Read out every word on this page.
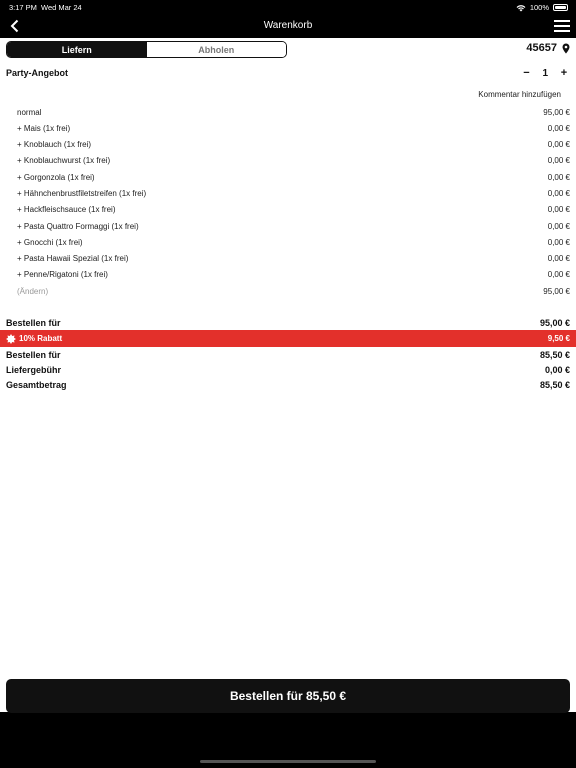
3:17 PM Wed Mar 24	100%
Warenkorb
Liefern	Abholen	45657
Party-Angebot	− 1 +
Kommentar hinzufügen
normal	95,00 €
+ Mais (1x frei)	0,00 €
+ Knoblauch (1x frei)	0,00 €
+ Knoblauchwurst (1x frei)	0,00 €
+ Gorgonzola (1x frei)	0,00 €
+ Hähnchenbrustfiletstreifen (1x frei)	0,00 €
+ Hackfleischsauce (1x frei)	0,00 €
+ Pasta Quattro Formaggi (1x frei)	0,00 €
+ Gnocchi (1x frei)	0,00 €
+ Pasta Hawaii Spezial (1x frei)	0,00 €
+ Penne/Rigatoni (1x frei)	0,00 €
(Ändern)	95,00 €
Bestellen für	95,00 €
10% Rabatt	9,50 €
Bestellen für	85,50 €
Liefergebühr	0,00 €
Gesamtbetrag	85,50 €
Bestellen für 85,50 €
